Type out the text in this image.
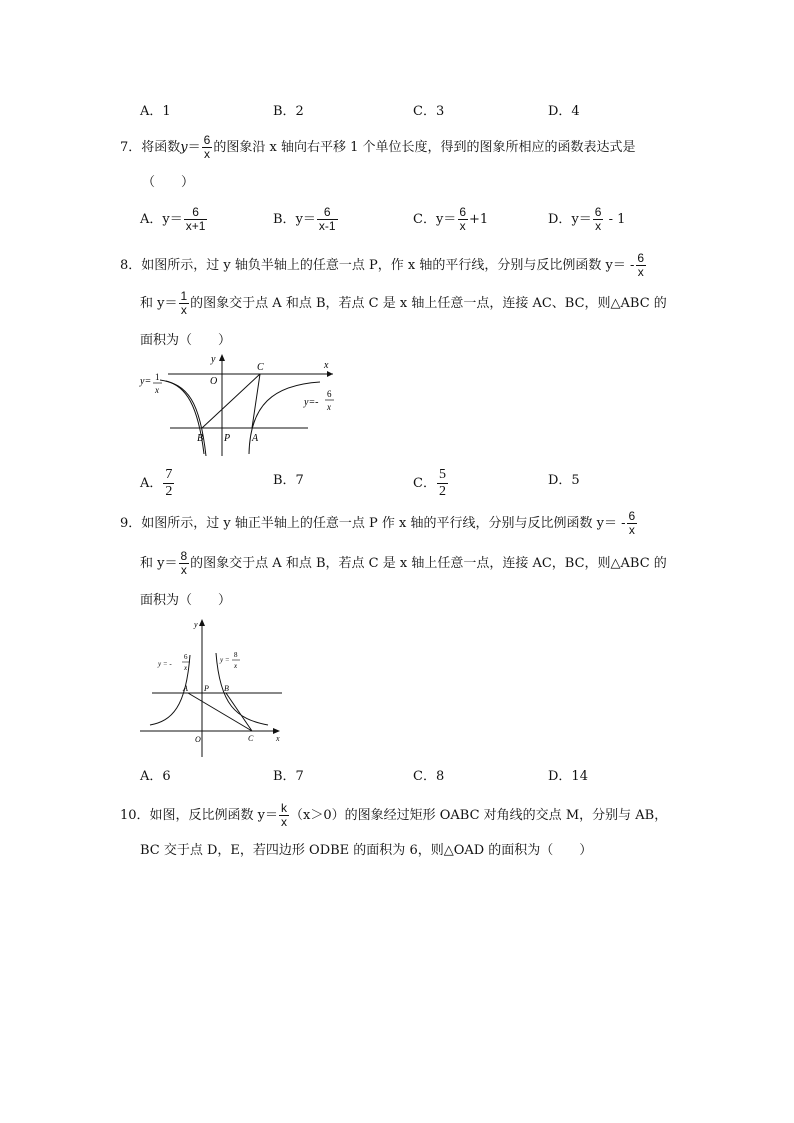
A．1	B．2	C．3	D．4
7．将函数$y= \frac{6}{x}$ 的图象沿 x 轴向右平移 1 个单位长度，得到的图象所相应的函数表达式是
（　　）
A．$y= \frac{6}{x+1}$	B．$y= \frac{6}{x-1}$	C．$y= \frac{6}{x} +1$	D．$y= \frac{6}{x} - 1$
8．如图所示，过 y 轴负半轴上的任意一点 P，作 x 轴的平行线，分别与反比例函数 $y= - \frac{6}{x}$
和 $y= \frac{1}{x}$ 的图象交于点 A 和点 B，若点 C 是 x 轴上任意一点，连接 AC、BC，则△ABC 的
面积为（　　）
y
x
O
C
B P A
y= 1
x
y=-
6
x
A． $\frac{7}{2}$	B．7	C． $\frac{5}{2}$	D．5
9．如图所示，过 y 轴正半轴上的任意一点 P 作 x 轴的平行线，分别与反比例函数 $y= - \frac{6}{x}$
和 $y= \frac{8}{x}$ 的图象交于点 A 和点 B，若点 C 是 x 轴上任意一点，连接 AC，BC，则△ABC 的
面积为（　　）
y
x
O
A P B
C
y = -
6
x
y =
8
x
A．6	B．7	C．8	D．14
10．如图，反比例函数 $y= \frac{k}{x} (x>0)$的图象经过矩形 OABC 对角线的交点 M，分别与 AB，
BC 交于点 D，E，若四边形 ODBE 的面积为 6，则△OAD 的面积为（　　）
